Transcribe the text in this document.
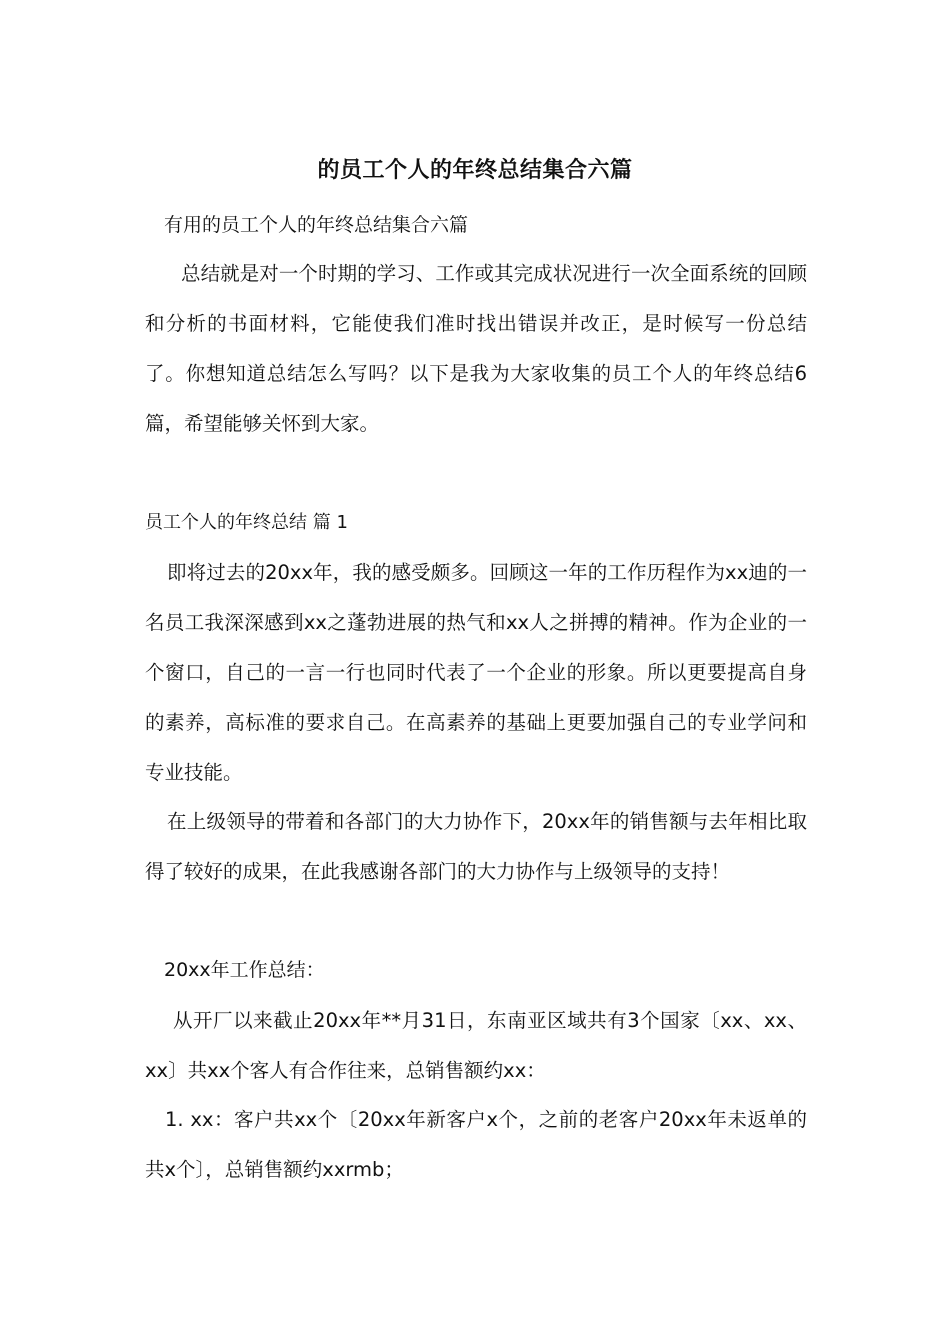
的员工个人的年终总结集合六篇
有用的员工个人的年终总结集合六篇
总结就是对一个时期的学习、工作或其完成状况进行一次全面系统的回顾和分析的书面材料，它能使我们准时找出错误并改正，是时候写一份总结了。你想知道总结怎么写吗？以下是我为大家收集的员工个人的年终总结6篇，希望能够关怀到大家。
员工个人的年终总结 篇 1
即将过去的20xx年，我的感受颇多。回顾这一年的工作历程作为xx迪的一名员工我深深感到xx之蓬勃进展的热气和xx人之拼搏的精神。作为企业的一个窗口，自己的一言一行也同时代表了一个企业的形象。所以更要提高自身的素养，高标准的要求自己。在高素养的基础上更要加强自己的专业学问和专业技能。
在上级领导的带着和各部门的大力协作下，20xx年的销售额与去年相比取得了较好的成果，在此我感谢各部门的大力协作与上级领导的支持！
20xx年工作总结：
从开厂以来截止20xx年**月31日，东南亚区域共有3个国家〔xx、xx、xx〕共xx个客人有合作往来，总销售额约xx：
1. xx：客户共xx个〔20xx年新客户x个，之前的老客户20xx年未返单的共x个〕，总销售额约xxrmb；
